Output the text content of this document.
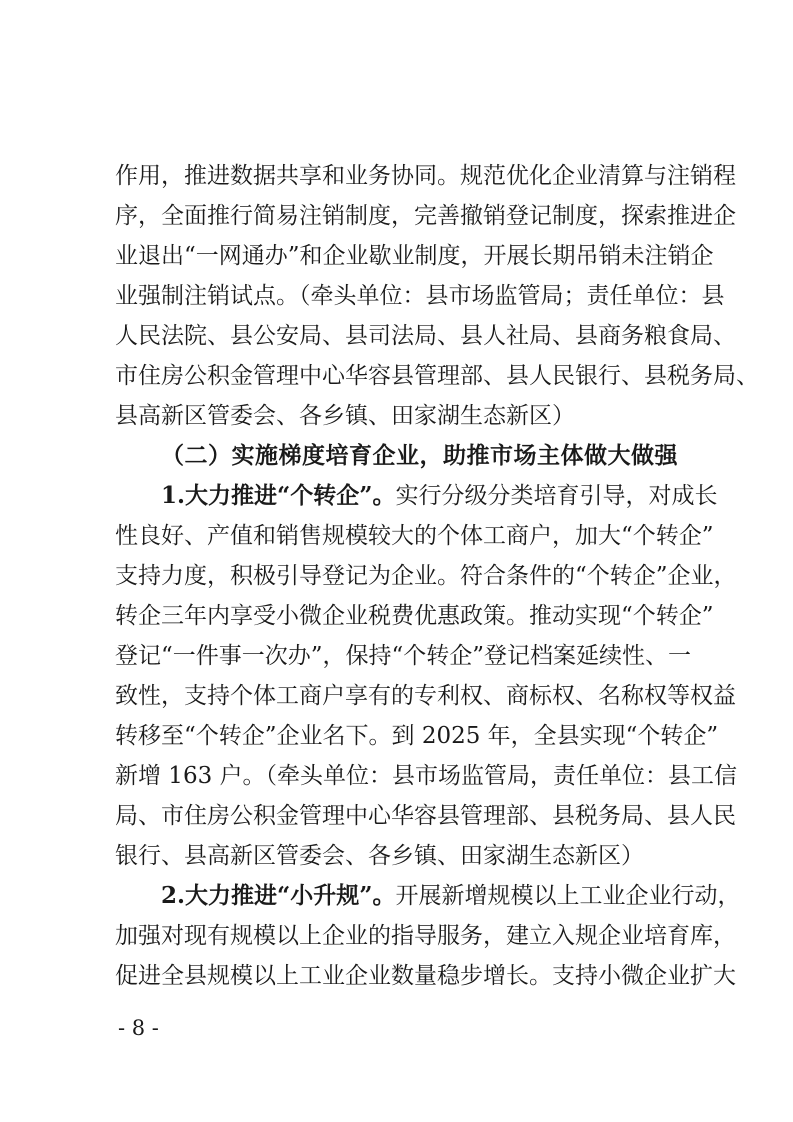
作用，推进数据共享和业务协同。规范优化企业清算与注销程
序，全面推行简易注销制度，完善撤销登记制度，探索推进企
业退出“一网通办”和企业歇业制度，开展长期吊销未注销企
业强制注销试点。（牵头单位：县市场监管局；责任单位：县
人民法院、县公安局、县司法局、县人社局、县商务粮食局、
市住房公积金管理中心华容县管理部、县人民银行、县税务局、
县高新区管委会、各乡镇、田家湖生态新区）
（二）实施梯度培育企业，助推市场主体做大做强
1.大力推进“个转企”。实行分级分类培育引导，对成长
性良好、产值和销售规模较大的个体工商户，加大“个转企”
支持力度，积极引导登记为企业。符合条件的“个转企”企业，
转企三年内享受小微企业税费优惠政策。推动实现“个转企”
登记“一件事一次办”，保持“个转企”登记档案延续性、一
致性，支持个体工商户享有的专利权、商标权、名称权等权益
转移至“个转企”企业名下。到 2025 年，全县实现“个转企”
新增 163 户。（牵头单位：县市场监管局，责任单位：县工信
局、市住房公积金管理中心华容县管理部、县税务局、县人民
银行、县高新区管委会、各乡镇、田家湖生态新区）
2.大力推进“小升规”。开展新增规模以上工业企业行动，
加强对现有规模以上企业的指导服务，建立入规企业培育库，
促进全县规模以上工业企业数量稳步增长。支持小微企业扩大
- 8 -
